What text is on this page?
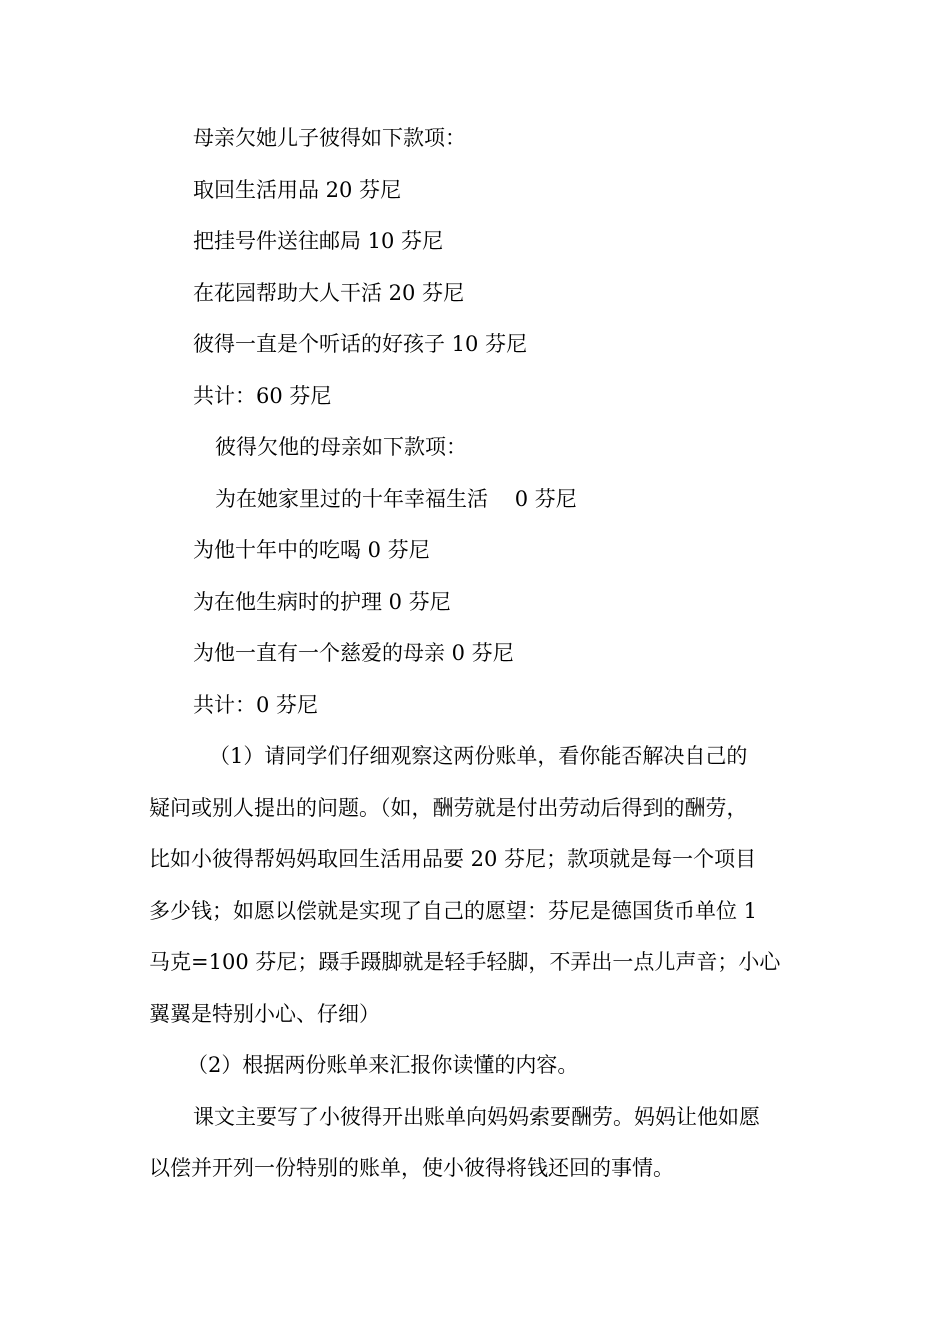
母亲欠她儿子彼得如下款项：
取回生活用品 20 芬尼
把挂号件送往邮局 10 芬尼
在花园帮助大人干活 20 芬尼
彼得一直是个听话的好孩子 10 芬尼
共计：60 芬尼
彼得欠他的母亲如下款项：
为在她家里过的十年幸福生活    0 芬尼
为他十年中的吃喝 0 芬尼
为在他生病时的护理 0 芬尼
为他一直有一个慈爱的母亲 0 芬尼
共计：0 芬尼
（1）请同学们仔细观察这两份账单，看你能否解决自己的
疑问或别人提出的问题。（如，酬劳就是付出劳动后得到的酬劳，
比如小彼得帮妈妈取回生活用品要 20 芬尼；款项就是每一个项目
多少钱；如愿以偿就是实现了自己的愿望：芬尼是德国货币单位 1
马克=100 芬尼；蹑手蹑脚就是轻手轻脚，不弄出一点儿声音；小心
翼翼是特别小心、仔细）
（2）根据两份账单来汇报你读懂的内容。
课文主要写了小彼得开出账单向妈妈索要酬劳。妈妈让他如愿
以偿并开列一份特别的账单，使小彼得将钱还回的事情。
